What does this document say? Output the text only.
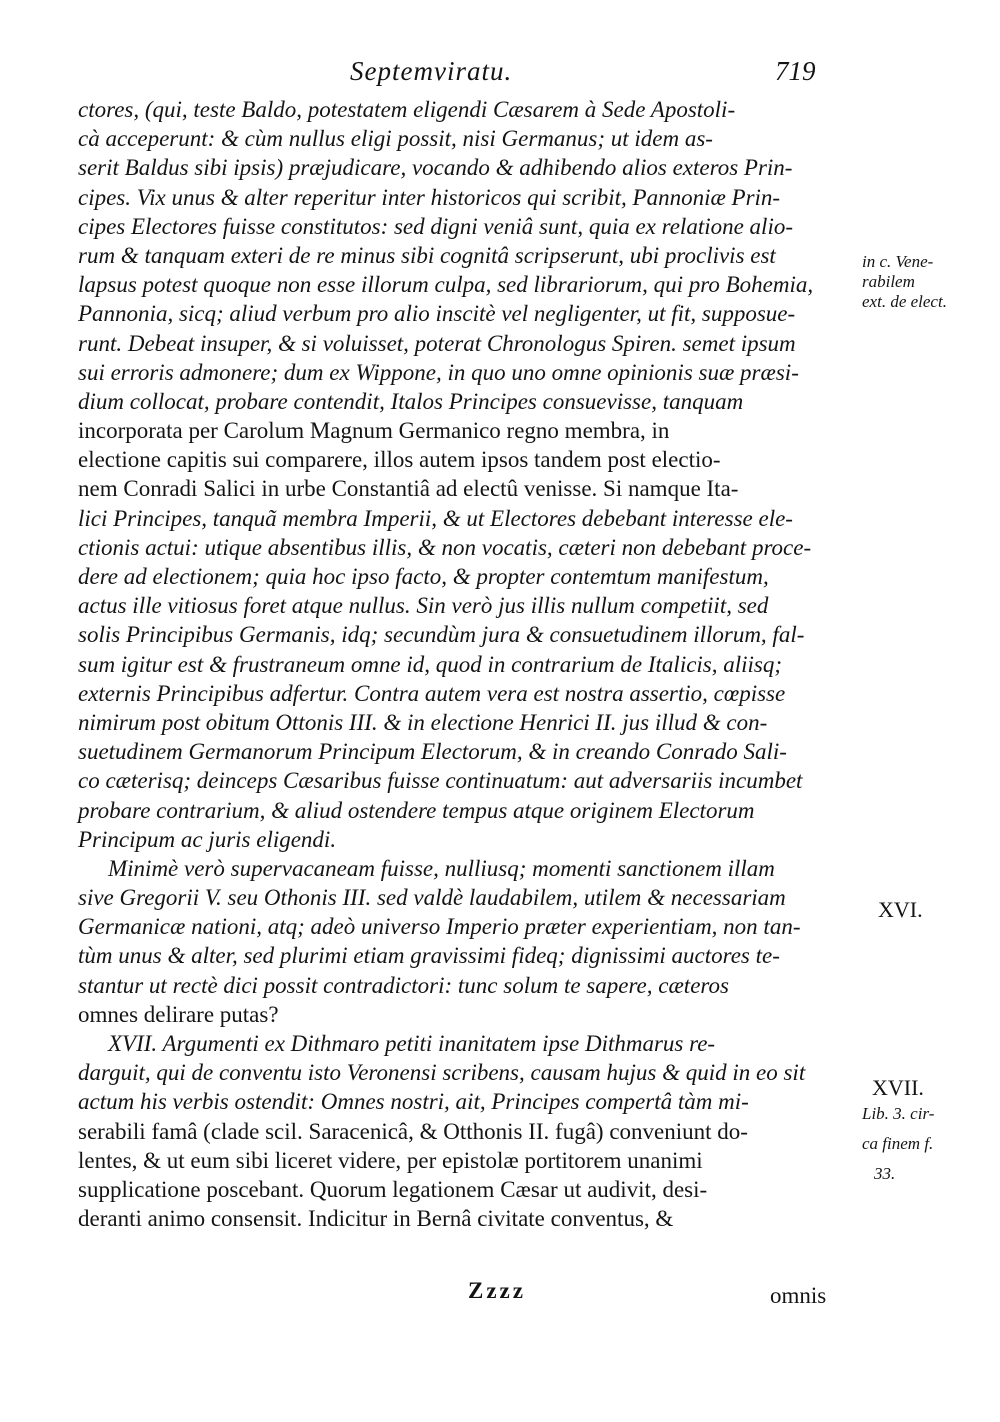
Septemviratu.	719
ctores, (qui, teste Baldo, potestatem eligendi Cæsarem à Sede Apostoli-
cà acceperunt: & cùm nullus eligi possit, nisi Germanus; ut idem as-
serit Baldus sibi ipsis) præjudicare, vocando & adhibendo alios exteros Prin-
cipes. Vix unus & alter reperitur inter historicos qui scribit, Pannoniæ Prin-
cipes Electores fuisse constitutos: sed digni veniâ sunt, quia ex relatione alio-
rum & tanquam exteri de re minus sibi cognitâ scripserunt, ubi proclivis est
lapsus potest quoque non esse illorum culpa, sed librariorum, qui pro Bohemia,
Pannonia, sicq; aliud verbum pro alio inscitè vel negligenter, ut fit, supposue-
runt. Debeat insuper, & si voluisset, poterat Chronologus Spiren. semet ipsum
sui erroris admonere; dum ex Wippone, in quo uno omne opinionis suæ præsi-
dium collocat, probare contendit, Italos Principes consuevisse, tanquam
incorporata per Carolum Magnum Germanico regno membra, in
electione capitis sui comparere, illos autem ipsos tandem post electio-
nem Conradi Salici in urbe Constantiâ ad electû venisse. Si namque Ita-
lici Principes, tanquã membra Imperii, & ut Electores debebant interesse ele-
ctionis actui: utique absentibus illis, & non vocatis, cæteri non debebant proce-
dere ad electionem; quia hoc ipso facto, & propter contemtum manifestum,
actus ille vitiosus foret atque nullus. Sin verò jus illis nullum competiit, sed
solis Principibus Germanis, idq; secundùm jura & consuetudinem illorum, fal-
sum igitur est & frustraneum omne id, quod in contrarium de Italicis, aliisq;
externis Principibus adfertur. Contra autem vera est nostra assertio, cœpisse
nimirum post obitum Ottonis III. & in electione Henrici II. jus illud & con-
suetudinem Germanorum Principum Electorum, & in creando Conrado Sali-
co cæterisq; deinceps Cæsaribus fuisse continuatum: aut adversariis incumbet
probare contrarium, & aliud ostendere tempus atque originem Electorum
Principum ac juris eligendi.
Minimè verò supervacaneam fuisse, nulliusq; momenti sanctionem illam
sive Gregorii V. seu Othonis III. sed valdè laudabilem, utilem & necessariam
Germanicæ nationi, atq; adeò universo Imperio præter experientiam, non tan-
tùm unus & alter, sed plurimi etiam gravissimi fideq; dignissimi auctores te-
stantur ut rectè dici possit contradictori: tunc solum te sapere, cæteros
omnes delirare putas?
XVII. Argumenti ex Dithmaro petiti inanitatem ipse Dithmarus re-
darguit, qui de conventu isto Veronensi scribens, causam hujus & quid in eo sit
actum his verbis ostendit: Omnes nostri, ait, Principes compertâ tàm mi-
serabili famâ (clade scil. Saracenicâ, & Otthonis II. fugâ) conveniunt do-
lentes, & ut eum sibi liceret videre, per epistolæ portitorem unanimi
supplicatione poscebant. Quorum legationem Cæsar ut audivit, desi-
deranti animo consensit. Indicitur in Bernâ civitate conventus, &
in c. Vene-
rabilem
ext. de elect.
XVI.
XVII.
Lib. 3. cir-
ca finem f.
33.
Zzzz	omnis
